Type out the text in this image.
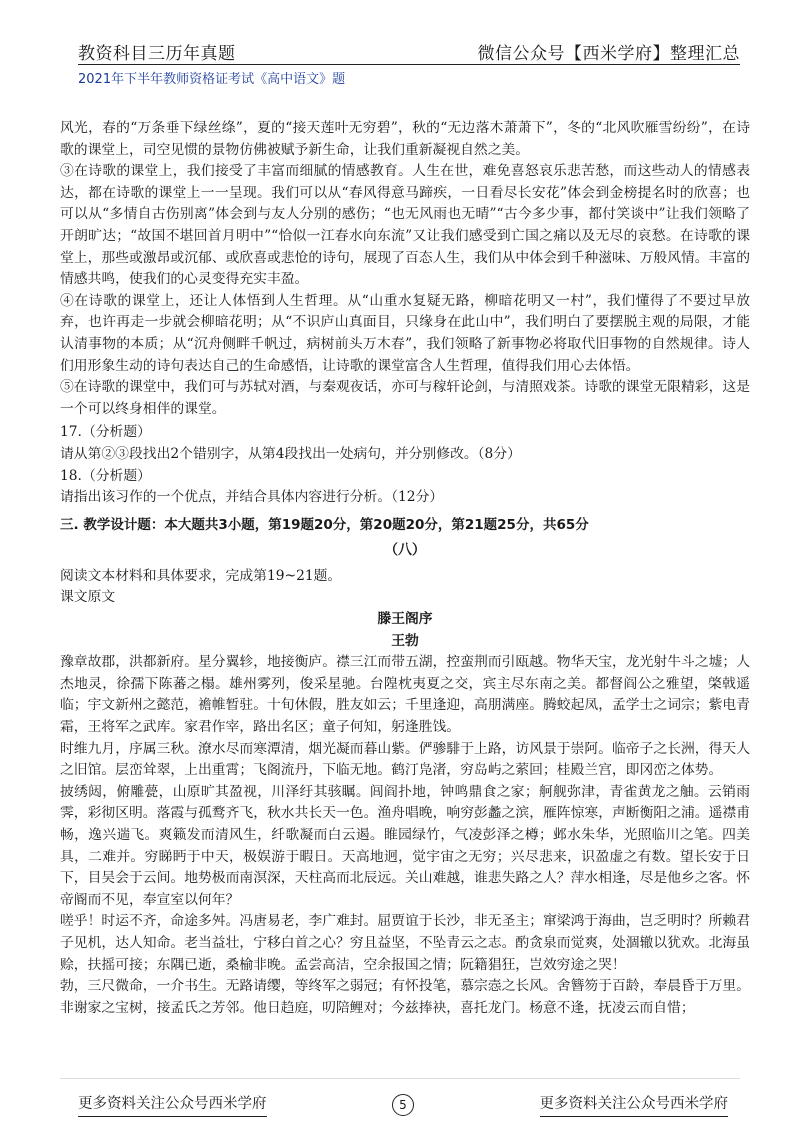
教资科目三历年真题	微信公众号【西米学府】整理汇总
2021年下半年教师资格证考试《高中语文》题

风光，春的“万条垂下绿丝绦”，夏的“接天莲叶无穷碧”，秋的“无边落木萧萧下”，冬的“北风吹雁雪纷纷”，在诗歌的课堂上，司空见惯的景物仿佛被赋予新生命，让我们重新凝视自然之美。

③在诗歌的课堂上，我们接受了丰富而细腻的情感教育。人生在世，难免喜怒哀乐悲苦愁，而这些动人的情感表达，都在诗歌的课堂上一一呈现。我们可以从“春风得意马蹄疾，一日看尽长安花”体会到金榜提名时的欣喜；也可以从“多情自古伤别离”体会到与友人分别的感伤；“也无风雨也无晴”“古今多少事，都付笑谈中”让我们领略了开朗旷达；“故国不堪回首月明中”“恰似一江春水向东流”又让我们感受到亡国之痛以及无尽的哀愁。在诗歌的课堂上，那些或激昂或沉郁、或欣喜或悲怆的诗句，展现了百态人生，我们从中体会到千种滋味、万般风情。丰富的情感共鸣，使我们的心灵变得充实丰盈。

④在诗歌的课堂上，还让人体悟到人生哲理。从“山重水复疑无路，柳暗花明又一村”，我们懂得了不要过早放弃，也许再走一步就会柳暗花明；从“不识庐山真面目，只缘身在此山中”，我们明白了要摆脱主观的局限，才能认清事物的本质；从“沉舟侧畔千帆过，病树前头万木春”，我们领略了新事物必将取代旧事物的自然规律。诗人们用形象生动的诗句表达自己的生命感悟，让诗歌的课堂富含人生哲理，值得我们用心去体悟。

⑤在诗歌的课堂中，我们可与苏轼对酒，与秦观夜话，亦可与稼轩论剑，与清照戏茶。诗歌的课堂无限精彩，这是一个可以终身相伴的课堂。

17.（分析题）

请从第②③段找出2个错别字，从第4段找出一处病句，并分别修改。（8分）

18.（分析题）

请指出该习作的一个优点，并结合具体内容进行分析。（12分）

三. 教学设计题：本大题共3小题，第19题20分，第20题20分，第21题25分，共65分

（八）

阅读文本材料和具体要求，完成第19~21题。

课文原文

滕王阁序

王勃

豫章故郡，洪都新府。星分翼轸，地接衡庐。襟三江而带五湖，控蛮荆而引瓯越。物华天宝，龙光射牛斗之墟；人杰地灵，徐孺下陈蕃之榻。雄州雾列，俊采星驰。台隍枕夷夏之交，宾主尽东南之美。都督阎公之雅望，棨戟遥临；宇文新州之懿范，襜帷暂驻。十旬休假，胜友如云；千里逢迎，高朋满座。腾蛟起凤，孟学士之词宗；紫电青霜，王将军之武库。家君作宰，路出名区；童子何知，躬逢胜饯。

时维九月，序属三秋。潦水尽而寒潭清，烟光凝而暮山紫。俨骖騑于上路，访风景于崇阿。临帝子之长洲，得天人之旧馆。层峦耸翠，上出重霄；飞阁流丹，下临无地。鹤汀凫渚，穷岛屿之萦回；桂殿兰宫，即冈峦之体势。

披绣闼，俯雕甍，山原旷其盈视，川泽纡其骇瞩。闾阎扑地，钟鸣鼎食之家；舸舰弥津，青雀黄龙之舳。云销雨霁，彩彻区明。落霞与孤鹜齐飞，秋水共长天一色。渔舟唱晚，响穷彭蠡之滨，雁阵惊寒，声断衡阳之浦。遥襟甫畅，逸兴遄飞。爽籁发而清风生，纤歌凝而白云遏。睢园绿竹，气凌彭泽之樽；邺水朱华，光照临川之笔。四美具，二难并。穷睇眄于中天，极娱游于暇日。天高地迥，觉宇宙之无穷；兴尽悲来，识盈虚之有数。望长安于日下，目吴会于云间。地势极而南溟深，天柱高而北辰远。关山难越，谁悲失路之人？萍水相逢，尽是他乡之客。怀帝阍而不见，奉宣室以何年？

嗟乎！时运不齐，命途多舛。冯唐易老，李广难封。屈贾谊于长沙，非无圣主；窜梁鸿于海曲，岂乏明时？所赖君子见机，达人知命。老当益壮，宁移白首之心？穷且益坚，不坠青云之志。酌贪泉而觉爽，处涸辙以犹欢。北海虽赊，扶摇可接；东隅已逝，桑榆非晚。孟尝高洁，空余报国之情；阮籍猖狂，岂效穷途之哭！

勃，三尺微命，一介书生。无路请缨，等终军之弱冠；有怀投笔，慕宗悫之长风。舍簪笏于百龄，奉晨昏于万里。非谢家之宝树，接孟氏之芳邻。他日趋庭，叨陪鲤对；今兹捧袂，喜托龙门。杨意不逢，抚凌云而自惜；

更多资料关注公众号西米学府	5	更多资料关注公众号西米学府
